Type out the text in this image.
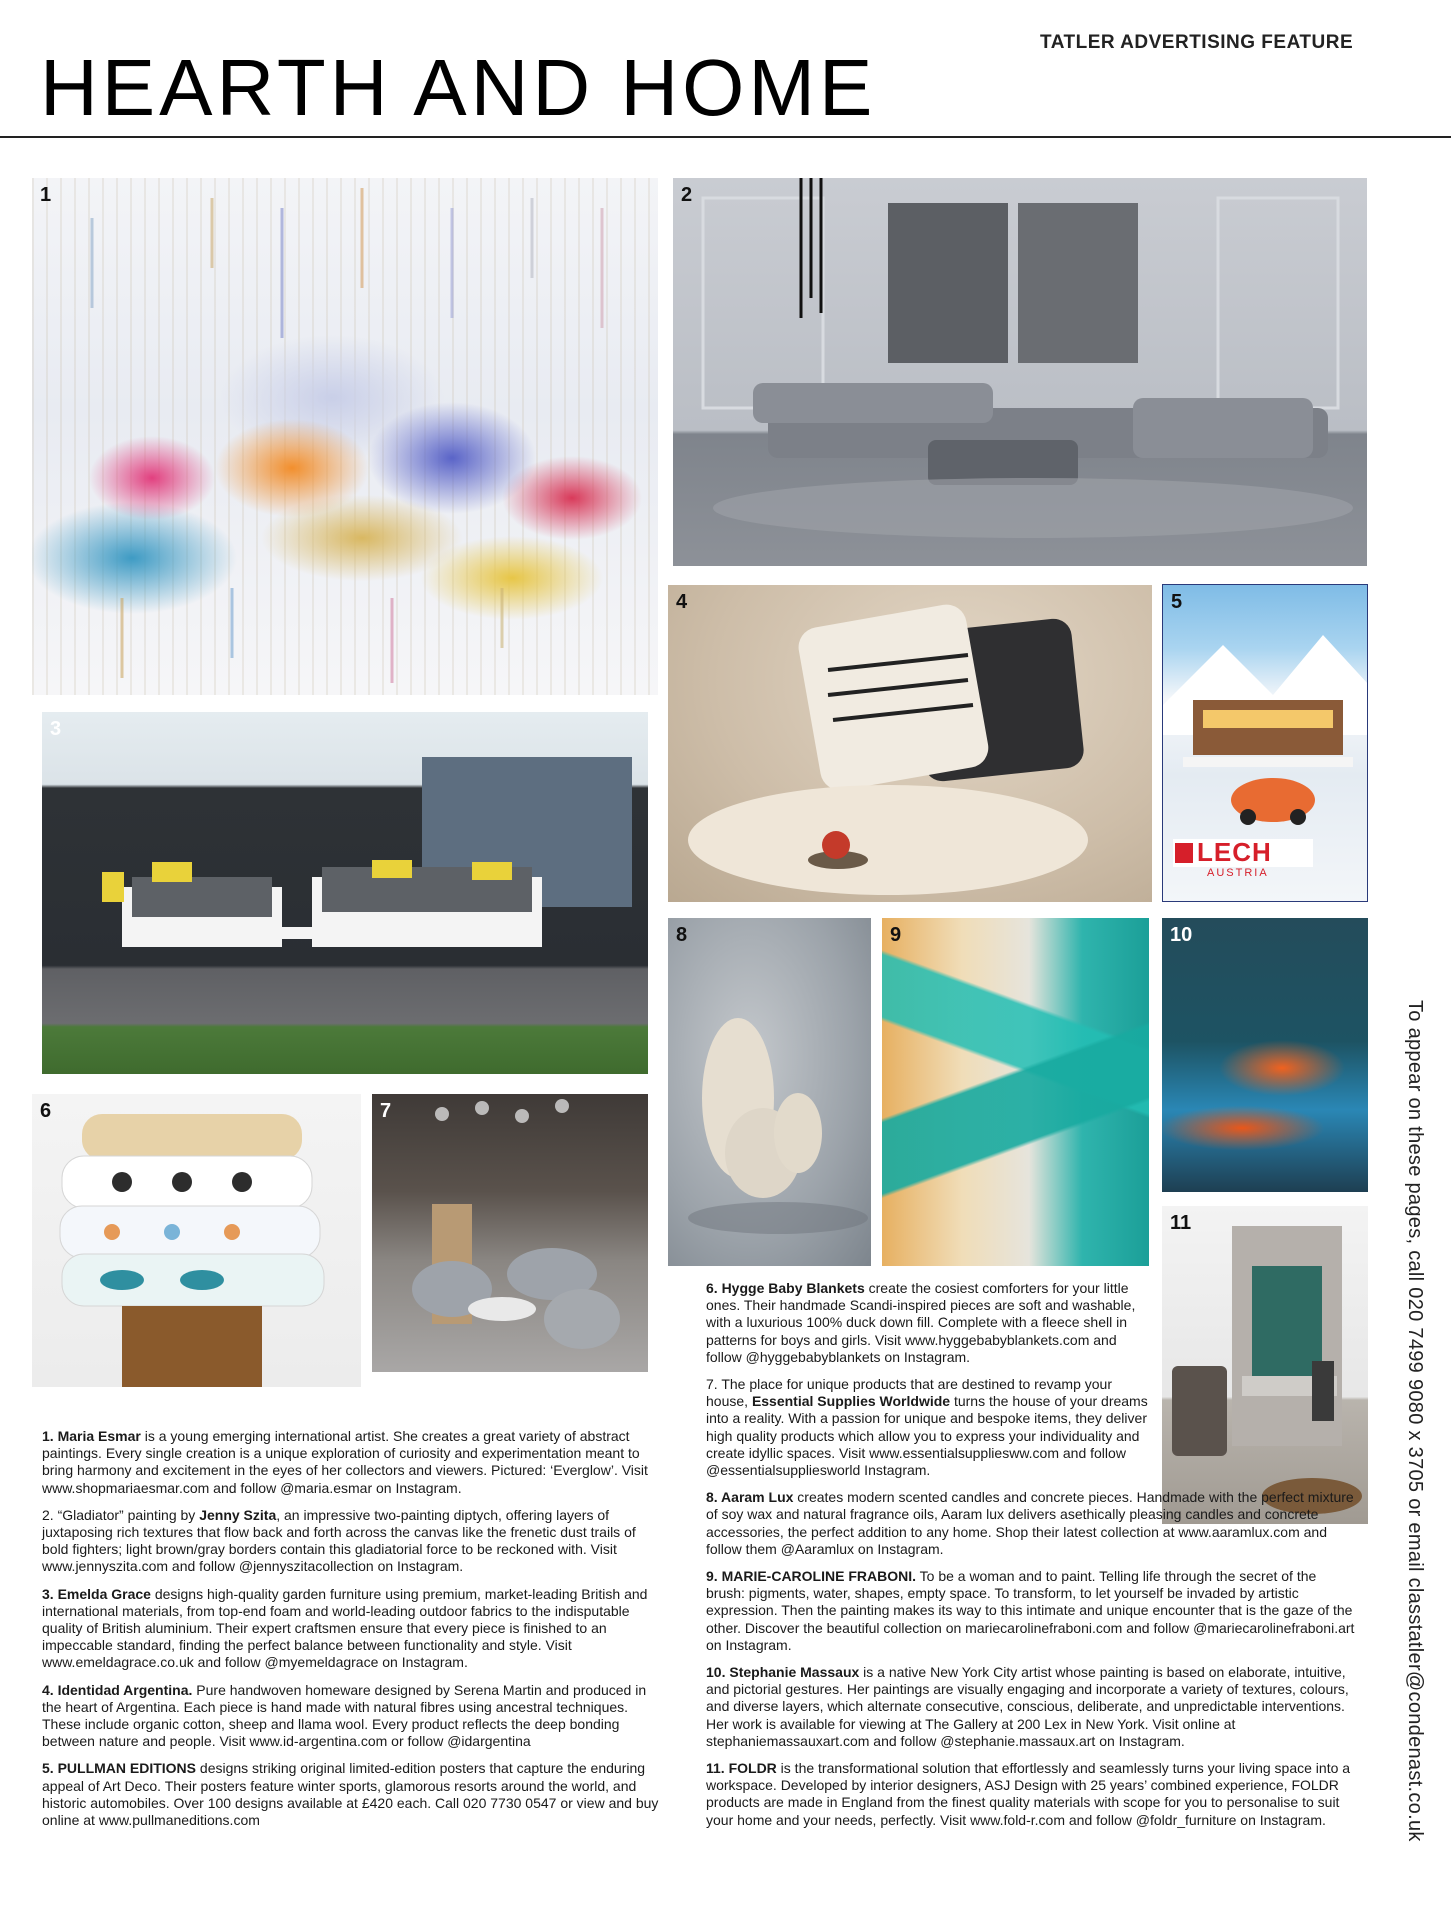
TATLER ADVERTISING FEATURE
HEARTH AND HOME
1	2
3
4	5
LECH
AUSTRIA
6	7
8	9	10
11	To appear on these pages, call 020 7499 9080 x 3705 or email classtatler@condenast.co.uk

1. Maria Esmar is a young emerging international artist. She creates a great variety of abstract paintings. Every single creation is a unique exploration of curiosity and experimentation meant to bring harmony and excitement in the eyes of her collectors and viewers. Pictured: ‘Everglow’. Visit www.shopmariaesmar.com and follow @maria.esmar on Instagram.

2. “Gladiator” painting by Jenny Szita, an impressive two-painting diptych, offering layers of juxtaposing rich textures that flow back and forth across the canvas like the frenetic dust trails of bold fighters; light brown/gray borders contain this gladiatorial force to be reckoned with. Visit www.jennyszita.com and follow @jennyszitacollection on Instagram.

3. Emelda Grace designs high-quality garden furniture using premium, market-leading British and international materials, from top-end foam and world-leading outdoor fabrics to the indisputable quality of British aluminium. Their expert craftsmen ensure that every piece is finished to an impeccable standard, finding the perfect balance between functionality and style. Visit www.emeldagrace.co.uk and follow @myemeldagrace on Instagram.

4. Identidad Argentina. Pure handwoven homeware designed by Serena Martin and produced in the heart of Argentina. Each piece is hand made with natural fibres using ancestral techniques. These include organic cotton, sheep and llama wool. Every product reflects the deep bonding between nature and people. Visit www.id-argentina.com or follow @idargentina

5. PULLMAN EDITIONS designs striking original limited-edition posters that capture the enduring appeal of Art Deco. Their posters feature winter sports, glamorous resorts around the world, and historic automobiles. Over 100 designs available at £420 each. Call 020 7730 0547 or view and buy online at www.pullmaneditions.com

6. Hygge Baby Blankets create the cosiest comforters for your little ones. Their handmade Scandi-inspired pieces are soft and washable, with a luxurious 100% duck down fill. Complete with a fleece shell in patterns for boys and girls. Visit www.hyggebabyblankets.com and follow @hyggebabyblankets on Instagram.

7. The place for unique products that are destined to revamp your house, Essential Supplies Worldwide turns the house of your dreams into a reality. With a passion for unique and bespoke items, they deliver high quality products which allow you to express your individuality and create idyllic spaces. Visit www.essentialsuppliesww.com and follow @essentialsuppliesworld Instagram.

8. Aaram Lux creates modern scented candles and concrete pieces. Handmade with the perfect mixture of soy wax and natural fragrance oils, Aaram lux delivers asethically pleasing candles and concrete accessories, the perfect addition to any home. Shop their latest collection at www.aaramlux.com and follow them @Aaramlux on Instagram.

9. MARIE-CAROLINE FRABONI. To be a woman and to paint. Telling life through the secret of the brush: pigments, water, shapes, empty space. To transform, to let yourself be invaded by artistic expression. Then the painting makes its way to this intimate and unique encounter that is the gaze of the other. Discover the beautiful collection on mariecarolinefraboni.com and follow @mariecarolinefraboni.art on Instagram.

10. Stephanie Massaux is a native New York City artist whose painting is based on elaborate, intuitive, and pictorial gestures. Her paintings are visually engaging and incorporate a variety of textures, colours, and diverse layers, which alternate consecutive, conscious, deliberate, and unpredictable interventions. Her work is available for viewing at The Gallery at 200 Lex in New York. Visit online at stephaniemassauxart.com and follow @stephanie.massaux.art on Instagram.

11. FOLDR is the transformational solution that effortlessly and seamlessly turns your living space into a workspace. Developed by interior designers, ASJ Design with 25 years’ combined experience, FOLDR products are made in England from the finest quality materials with scope for you to personalise to suit your home and your needs, perfectly. Visit www.fold-r.com and follow @foldr_furniture on Instagram.
